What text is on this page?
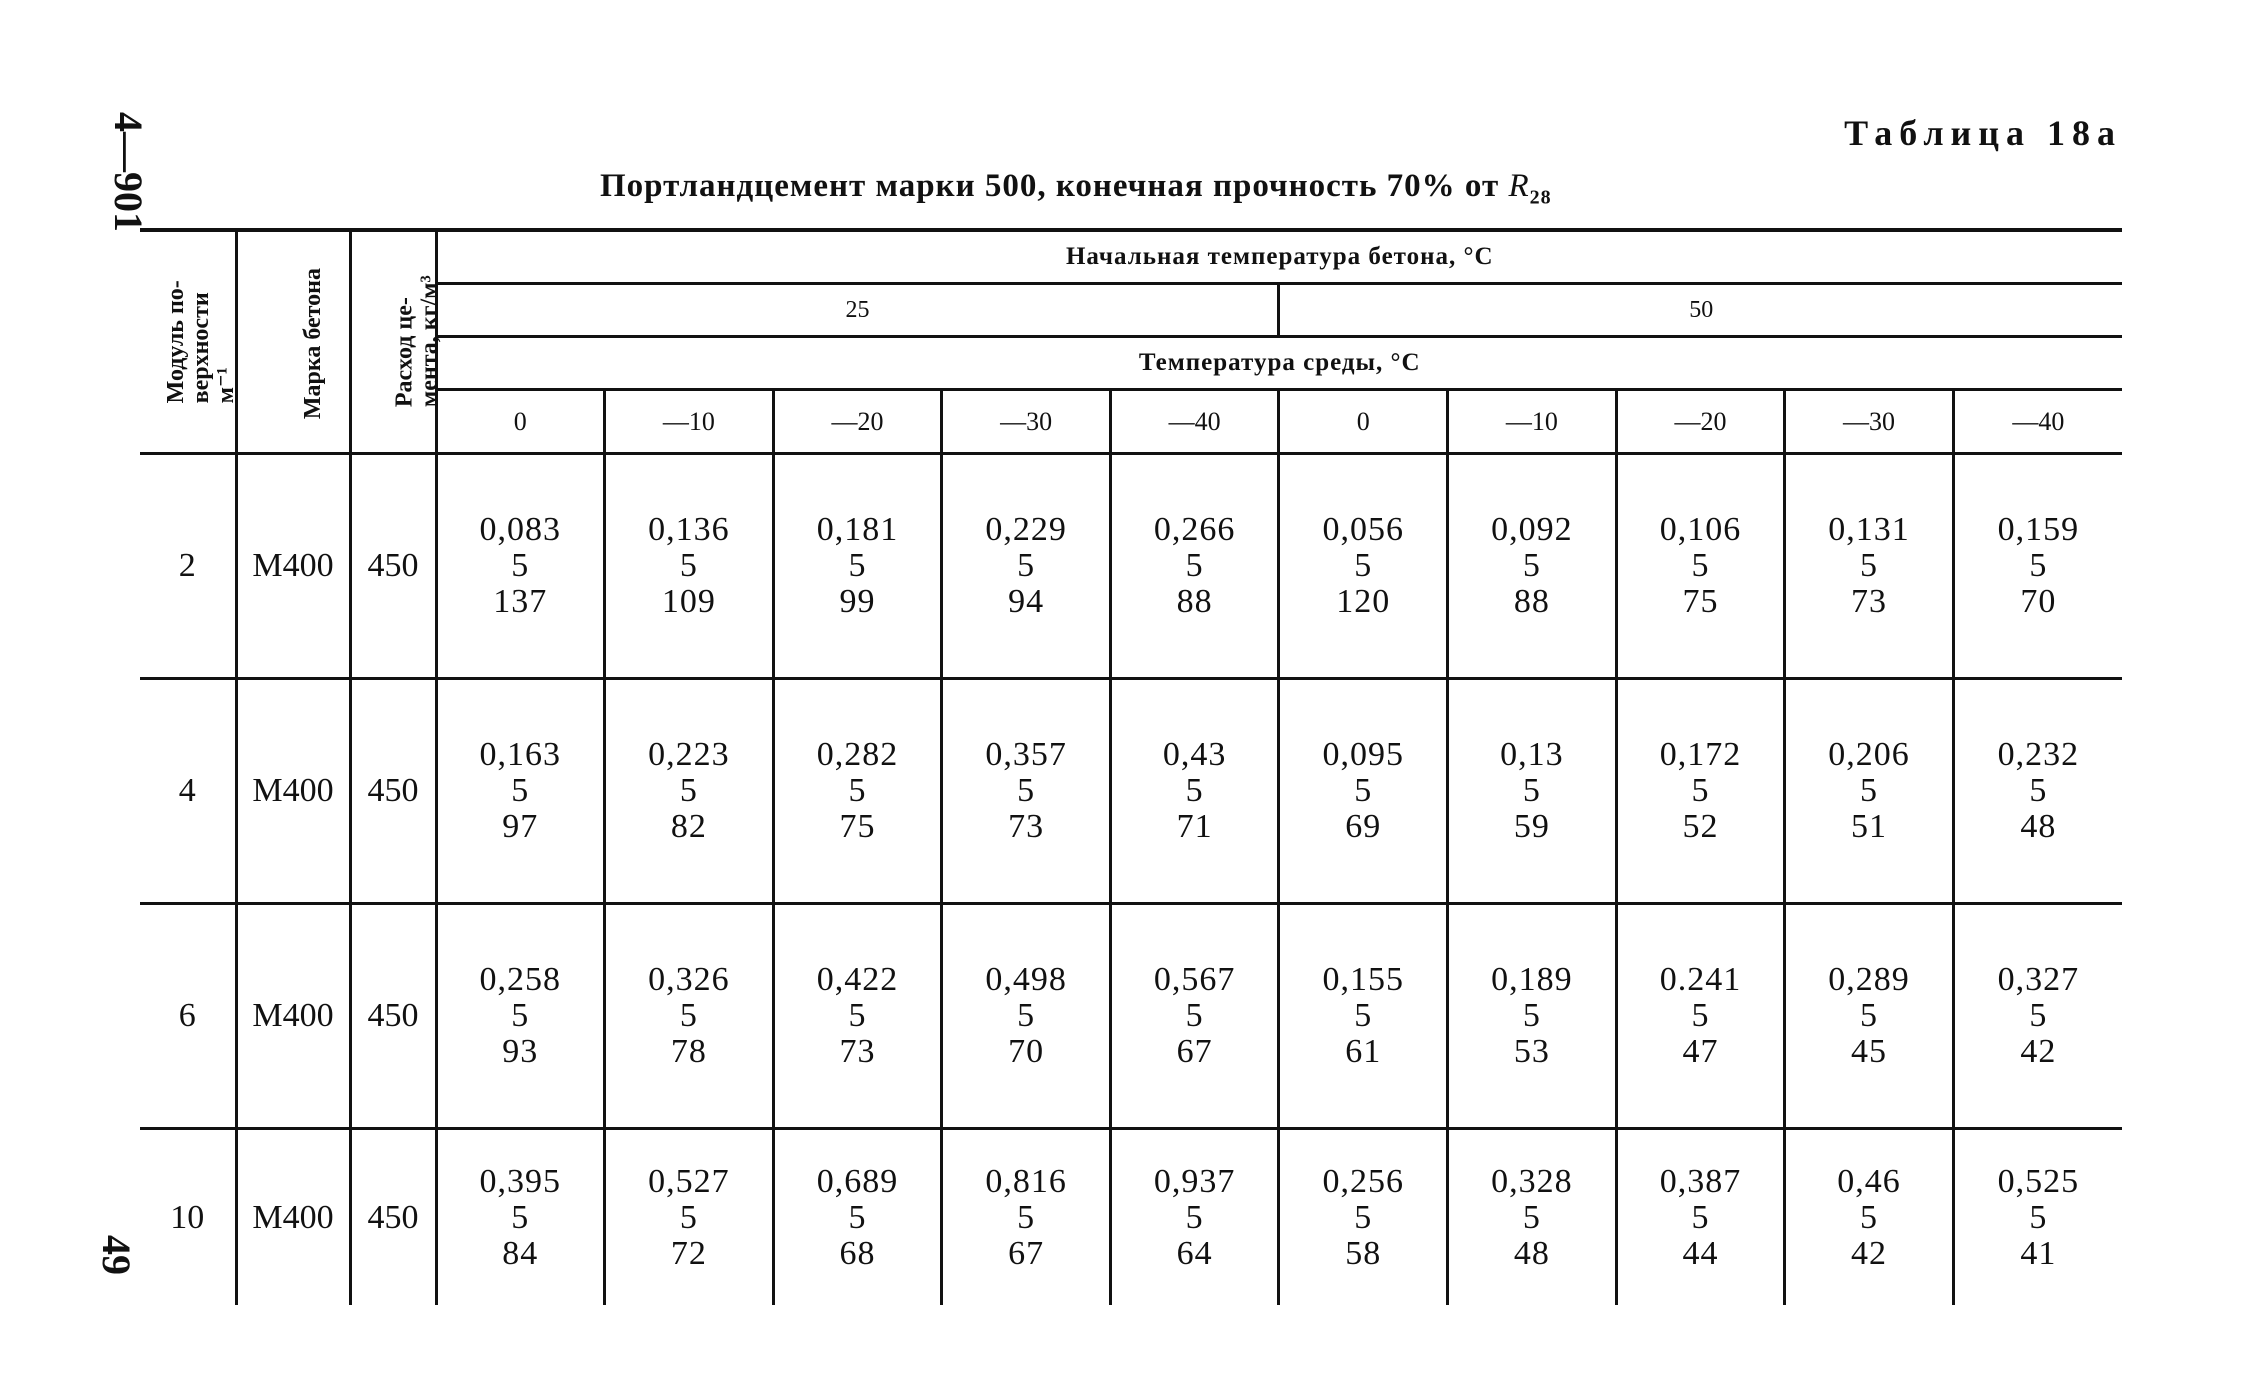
4—901
49
Таблица 18а
Портландцемент марки 500, конечная прочность 70% от $R_{28}$
Модуль по-
верхности
м⁻¹	Марка бетона	Расход це-
мента, кг/м³	Начальная температура бетона, °С									
			25					50				
			Температура среды, °С									
			0	—10	—20	—30	—40	0	—10	—20	—30	—40
2	М400	450	0,083
5
137	0,136
5
109	0,181
5
99	0,229
5
94	0,266
5
88	0,056
5
120	0,092
5
88	0,106
5
75	0,131
5
73	0,159
5
70

4	М400	450	0,163
5
97	0,223
5
82	0,282
5
75	0,357
5
73	0,43
5
71	0,095
5
69	0,13
5
59	0,172
5
52	0,206
5
51	0,232
5
48

6	М400	450	0,258
5
93	0,326
5
78	0,422
5
73	0,498
5
70	0,567
5
67	0,155
5
61	0,189
5
53	0.241
5
47	0,289
5
45	0,327
5
42

10	М400	450	0,395
5
84	0,527
5
72	0,689
5
68	0,816
5
67	0,937
5
64	0,256
5
58	0,328
5
48	0,387
5
44	0,46
5
42	0,525
5
41
